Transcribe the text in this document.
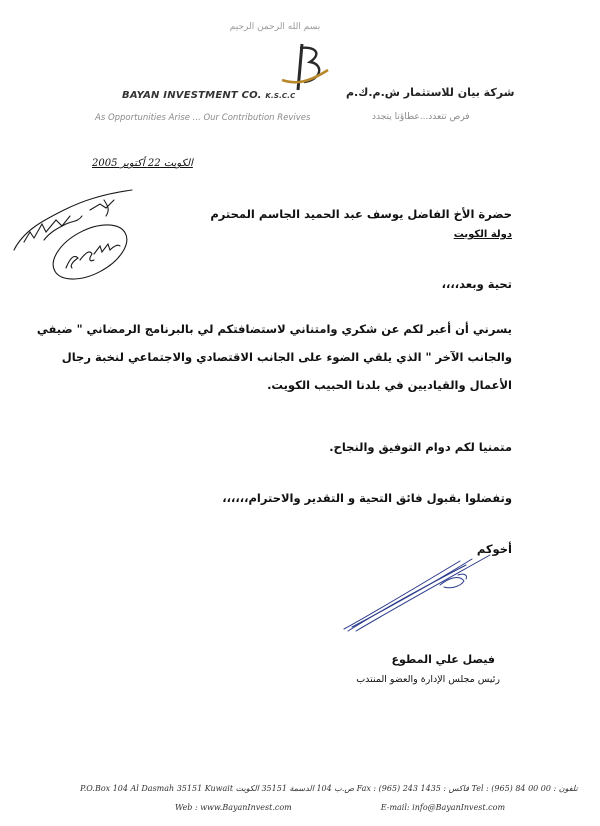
بسم الله الرحمن الرحيم
BAYAN INVESTMENT CO. K.S.C.C	شركة بيان للاستثمار ش.م.ك.م
As Opportunities Arise ... Our Contribution Revives	فرص تتعدد...عطاؤنا يتجدد
الكويت 22 أكتوبر 2005
حضرة الأخ الفاضل يوسف عبد الحميد الجاسم المحترم
دولة الكويت
تحية وبعد،،،،
يسرني أن أعبر لكم عن شكري وامتناني لاستضافتكم لي بالبرنامج الرمضاني " ضيفي
والجانب الآخر " الذي يلقي الضوء على الجانب الاقتصادي والاجتماعي لنخبة رجال
الأعمال والقياديين في بلدنا الحبيب الكويت.
متمنيا لكم دوام التوفيق والنجاح.
وتفضلوا بقبول فائق التحية و التقدير والاحترام،،،،،،
أخوكم
فيصل علي المطوع
رئيس مجلس الإدارة والعضو المنتدب
P.O.Box 104 Al Dasmah 35151 Kuwait ص.ب 104 الدسمة 35151 الكويت Fax : (965) 243 1435 : فاكس Tel : (965) 84 00 00 : تلفون
Web : www.BayanInvest.com                                   E-mail: info@BayanInvest.com
